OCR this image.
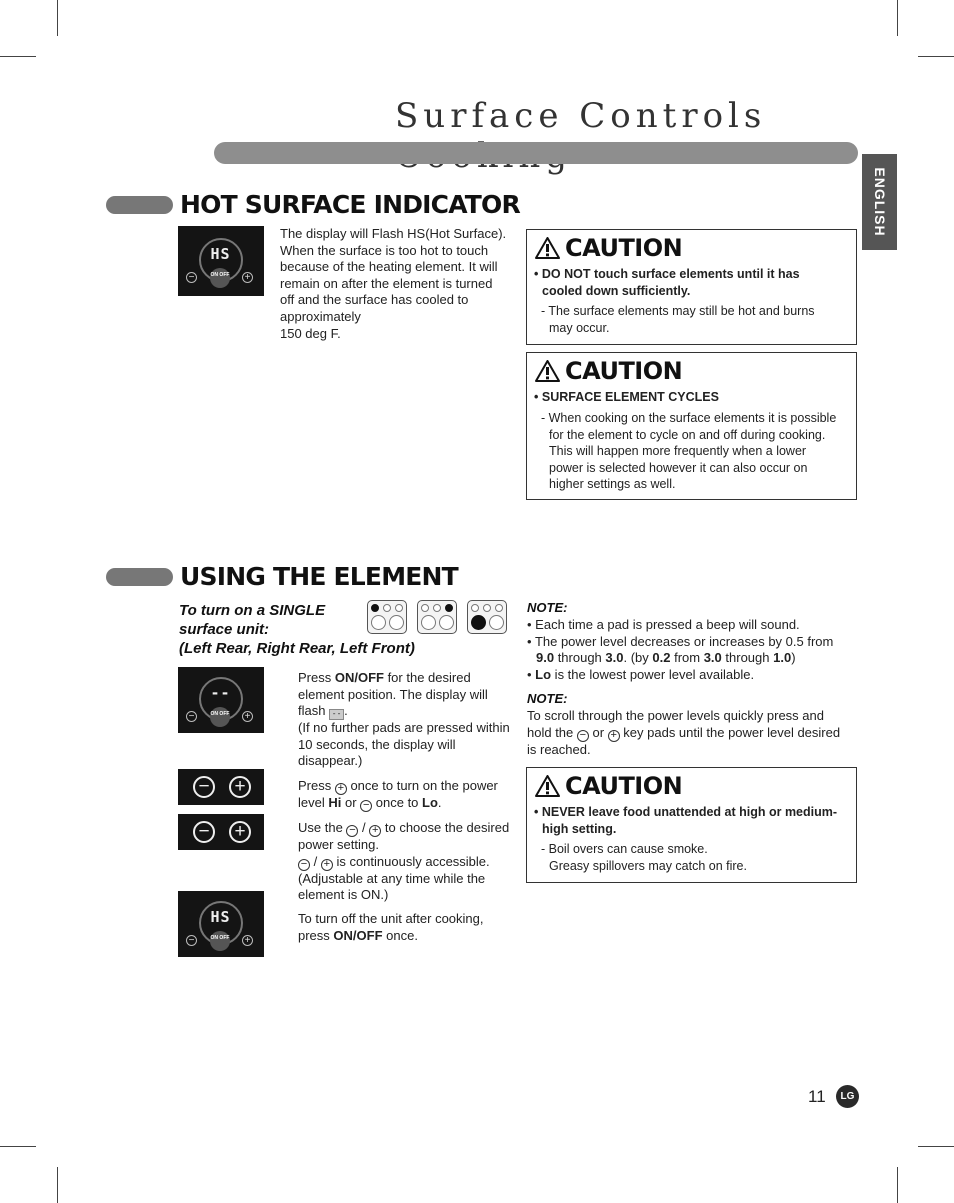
Surface Controls
ENGLISH
HOT SURFACE INDICATOR
HS
ON OFF
−	+
The display will Flash HS(Hot Surface).
When the surface is too hot to touch
because of the heating element. It will
remain on after the element is turned
off and the surface has cooled to
approximately
150 deg F.
CAUTION
• DO NOT touch surface elements until it has
cooled down sufficiently.
- The surface elements may still be hot and burns
may occur.
CAUTION
• SURFACE ELEMENT CYCLES
- When cooking on the surface elements it is possible
for the element to cycle on and off during cooking.
This will happen more frequently when a lower
power is selected however it can also occur on
higher settings as well.
USING THE ELEMENT
To turn on a SINGLE
surface unit:
(Left Rear, Right Rear, Left Front)
--
ON OFF
−	+
− +
− +
HS
ON OFF
−	+
Press ON/OFF for the desired element position. The display will flash -- .
(If no further pads are pressed within 10 seconds, the display will disappear.)
Press + once to turn on the power level Hi or − once to Lo.
Use the − / + to choose the desired power setting.
− / + is continuously accessible. (Adjustable at any time while the element is ON.)
To turn off the unit after cooking, press ON/OFF once.
NOTE:
• Each time a pad is pressed a beep will sound.
• The power level decreases or increases by 0.5 from
9.0 through 3.0. (by 0.2 from 3.0 through 1.0)
• Lo is the lowest power level available.
NOTE:
To scroll through the power levels quickly press and hold the − or + key pads until the power level desired is reached.
CAUTION
• NEVER leave food unattended at high or medium-
high setting.
- Boil overs can cause smoke.
Greasy spillovers may catch on fire.
11	LG
